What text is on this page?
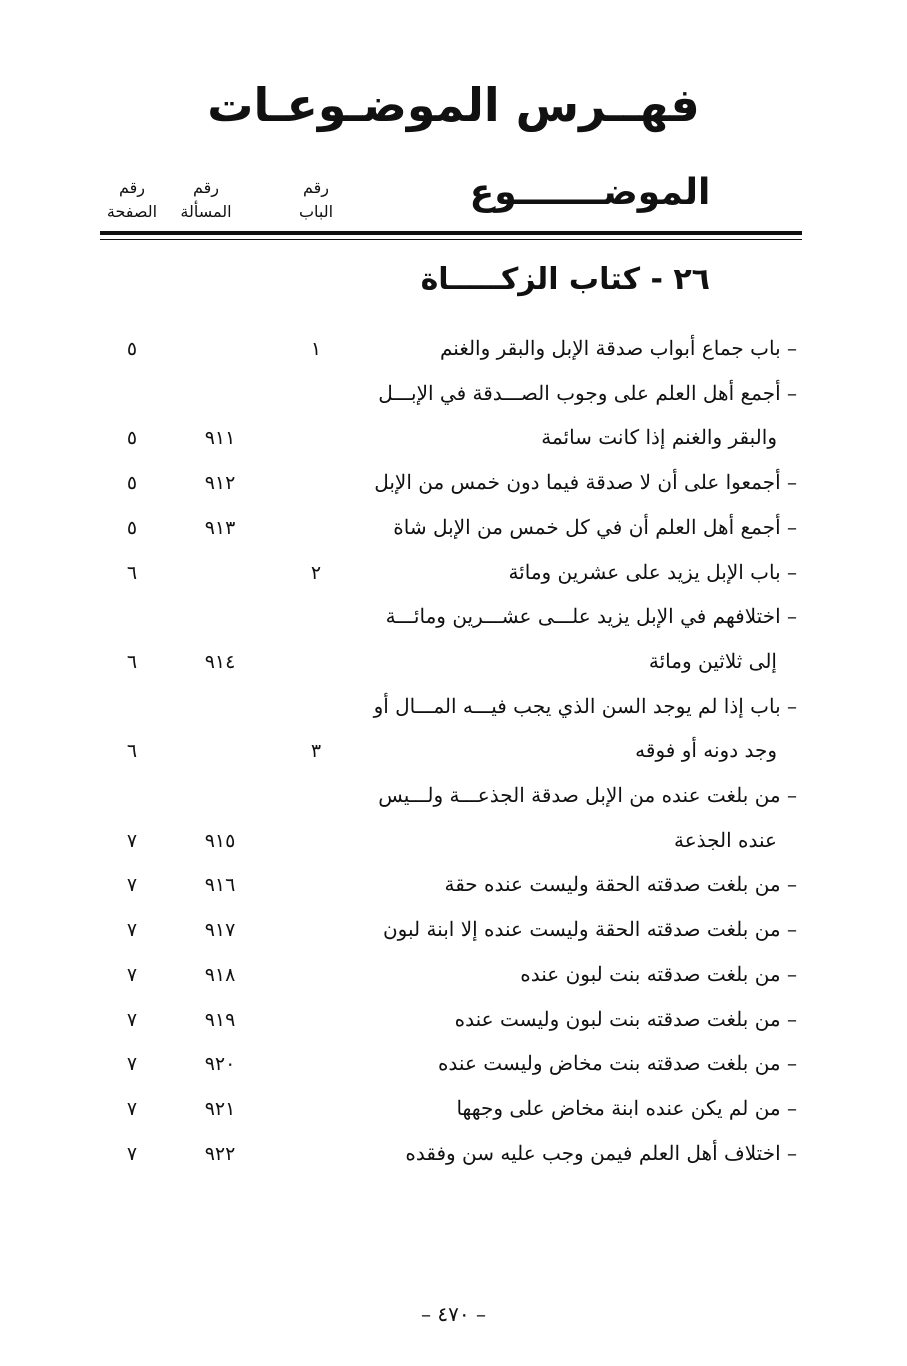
فهــرس الموضـوعـات
الموضـــــــوع
رقم
الباب
رقم
المسألة
رقم
الصفحة
٢٦ - كتاب الزكـــــاة
– باب جماع أبواب صدقة الإبل والبقر والغنم
١
٥
– أجمع أهل العلم على وجوب الصـــدقة في الإبـــل
والبقر والغنم إذا كانت سائمة
٩١١
٥
– أجمعوا على أن لا صدقة فيما دون خمس من الإبل
٩١٢
٥
– أجمع أهل العلم أن في كل خمس من الإبل شاة
٩١٣
٥
– باب الإبل يزيد على عشرين ومائة
٢
٦
– اختلافهم في الإبل يزيد علـــى عشـــرين ومائـــة
إلى ثلاثين ومائة
٩١٤
٦
– باب إذا لم يوجد السن الذي يجب فيـــه المـــال أو
وجد دونه أو فوقه
٣
٦
– من بلغت عنده من الإبل صدقة الجذعـــة ولـــيس
عنده الجذعة
٩١٥
٧
– من بلغت صدقته الحقة وليست عنده حقة
٩١٦
٧
– من بلغت صدقته الحقة وليست عنده إلا ابنة لبون
٩١٧
٧
– من بلغت صدقته بنت لبون عنده
٩١٨
٧
– من بلغت صدقته بنت لبون وليست عنده
٩١٩
٧
– من بلغت صدقته بنت مخاض وليست عنده
٩٢٠
٧
– من لم يكن عنده ابنة مخاض على وجهها
٩٢١
٧
– اختلاف أهل العلم فيمن وجب عليه سن وفقده
٩٢٢
٧
– ٤٧٠ –
